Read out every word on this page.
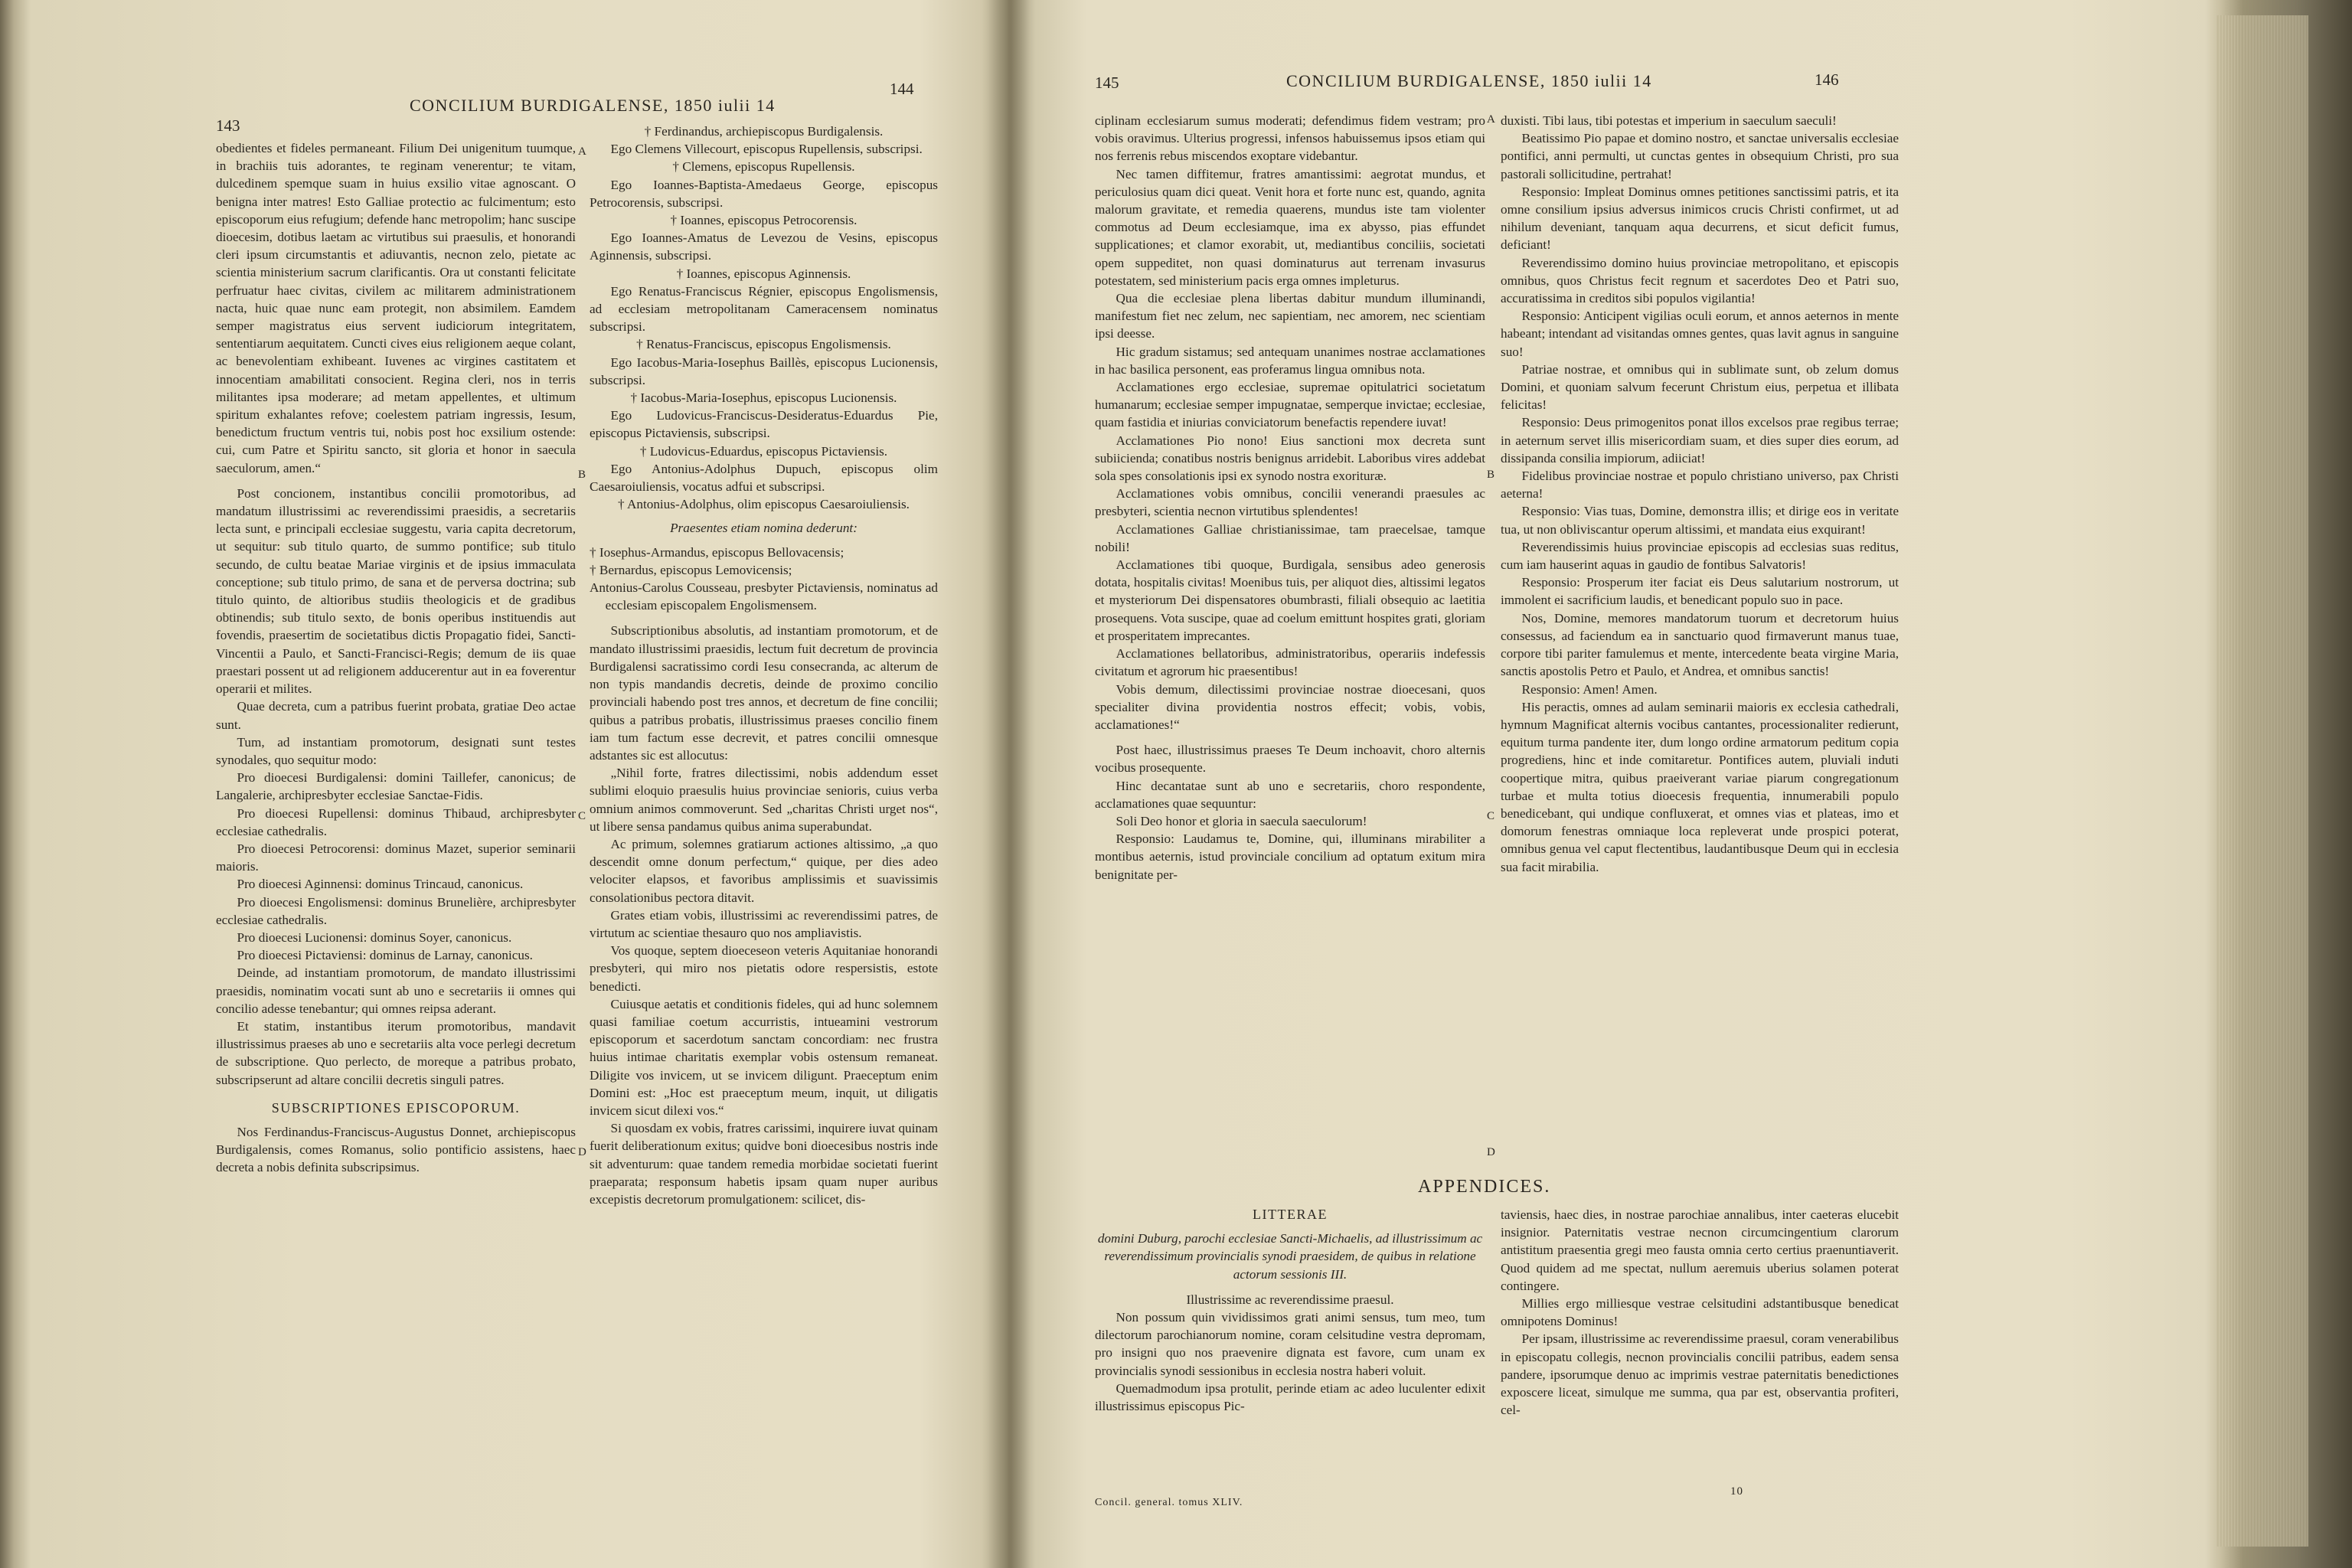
143
CONCILIUM BURDIGALENSE, 1850 iulii 14
144

obedientes et fideles permaneant. Filium Dei unigenitum tuumque, in brachiis tuis adorantes, te reginam venerentur; te vitam, dulcedinem spemque suam in huius exsilio vitae agnoscant. O benigna inter matres! Esto Galliae protectio ac fulcimentum; esto episcoporum eius refugium; defende hanc metropolim; hanc suscipe dioecesim, dotibus laetam ac virtutibus sui praesulis, et honorandi cleri ipsum circumstantis et adiuvantis, necnon zelo, pietate ac scientia ministerium sacrum clarificantis. Ora ut constanti felicitate perfruatur haec civitas, civilem ac militarem administrationem nacta, huic quae nunc eam protegit, non absimilem. Eamdem semper magistratus eius servent iudiciorum integritatem, sententiarum aequitatem. Cuncti cives eius religionem aeque colant, ac benevolentiam exhibeant. Iuvenes ac virgines castitatem et innocentiam amabilitati consocient. Regina cleri, nos in terris militantes ipsa moderare; ad metam appellentes, et ultimum spiritum exhalantes refove; coelestem patriam ingressis, Iesum, benedictum fructum ventris tui, nobis post hoc exsilium ostende: cui, cum Patre et Spiritu sancto, sit gloria et honor in saecula saeculorum, amen.“

Post concionem, instantibus concilii promotoribus, ad mandatum illustrissimi ac reverendissimi praesidis, a secretariis lecta sunt, e principali ecclesiae suggestu, varia capita decretorum, ut sequitur: sub titulo quarto, de summo pontifice; sub titulo secundo, de cultu beatae Mariae virginis et de ipsius immaculata conceptione; sub titulo primo, de sana et de perversa doctrina; sub titulo quinto, de altioribus studiis theologicis et de gradibus obtinendis; sub titulo sexto, de bonis operibus instituendis aut fovendis, praesertim de societatibus dictis Propagatio fidei, Sancti-Vincentii a Paulo, et Sancti-Francisci-Regis; demum de iis quae praestari possent ut ad religionem adducerentur aut in ea foverentur operarii et milites.

Quae decreta, cum a patribus fuerint probata, gratiae Deo actae sunt.

Tum, ad instantiam promotorum, designati sunt testes synodales, quo sequitur modo:

Pro dioecesi Burdigalensi: domini Taillefer, canonicus; de Langalerie, archipresbyter ecclesiae Sanctae-Fidis.

Pro dioecesi Rupellensi: dominus Thibaud, archipresbyter ecclesiae cathedralis.

Pro dioecesi Petrocorensi: dominus Mazet, superior seminarii maioris.

Pro dioecesi Aginnensi: dominus Trincaud, canonicus.

Pro dioecesi Engolismensi: dominus Brunelière, archipresbyter ecclesiae cathedralis.

Pro dioecesi Lucionensi: dominus Soyer, canonicus.

Pro dioecesi Pictaviensi: dominus de Larnay, canonicus.

Deinde, ad instantiam promotorum, de mandato illustrissimi praesidis, nominatim vocati sunt ab uno e secretariis ii omnes qui concilio adesse tenebantur; qui omnes reipsa aderant.

Et statim, instantibus iterum promotoribus, mandavit illustrissimus praeses ab uno e secretariis alta voce perlegi decretum de subscriptione. Quo perlecto, de moreque a patribus probato, subscripserunt ad altare concilii decretis singuli patres.

SUBSCRIPTIONES EPISCOPORUM.

Nos Ferdinandus-Franciscus-Augustus Donnet, archiepiscopus Burdigalensis, comes Romanus, solio pontificio assistens, haec decreta a nobis definita subscripsimus.

† Ferdinandus, archiepiscopus Burdigalensis.

Ego Clemens Villecourt, episcopus Rupellensis, subscripsi.

† Clemens, episcopus Rupellensis.

Ego Ioannes-Baptista-Amedaeus George, episcopus Petrocorensis, subscripsi.

† Ioannes, episcopus Petrocorensis.

Ego Ioannes-Amatus de Levezou de Vesins, episcopus Aginnensis, subscripsi.

† Ioannes, episcopus Aginnensis.

Ego Renatus-Franciscus Régnier, episcopus Engolismensis, ad ecclesiam metropolitanam Cameracensem nominatus subscripsi.

† Renatus-Franciscus, episcopus Engolismensis.

Ego Iacobus-Maria-Iosephus Baillès, episcopus Lucionensis, subscripsi.

† Iacobus-Maria-Iosephus, episcopus Lucionensis.

Ego Ludovicus-Franciscus-Desideratus-Eduardus Pie, episcopus Pictaviensis, subscripsi.

† Ludovicus-Eduardus, episcopus Pictaviensis.

Ego Antonius-Adolphus Dupuch, episcopus olim Caesaroiuliensis, vocatus adfui et subscripsi.

† Antonius-Adolphus, olim episcopus Caesaroiuliensis.

Praesentes etiam nomina dederunt:

† Iosephus-Armandus, episcopus Bellovacensis;

† Bernardus, episcopus Lemovicensis;

Antonius-Carolus Cousseau, presbyter Pictaviensis, nominatus ad ecclesiam episcopalem Engolismensem.

Subscriptionibus absolutis, ad instantiam promotorum, et de mandato illustrissimi praesidis, lectum fuit decretum de provincia Burdigalensi sacratissimo cordi Iesu consecranda, ac alterum de non typis mandandis decretis, deinde de proximo concilio provinciali habendo post tres annos, et decretum de fine concilii; quibus a patribus probatis, illustrissimus praeses concilio finem iam tum factum esse decrevit, et patres concilii omnesque adstantes sic est allocutus:

„Nihil forte, fratres dilectissimi, nobis addendum esset sublimi eloquio praesulis huius provinciae senioris, cuius verba omnium animos commoverunt. Sed „charitas Christi urget nos“, ut libere sensa pandamus quibus anima superabundat.

Ac primum, solemnes gratiarum actiones altissimo, „a quo descendit omne donum perfectum,“ quique, per dies adeo velociter elapsos, et favoribus amplissimis et suavissimis consolationibus pectora ditavit.

Grates etiam vobis, illustrissimi ac reverendissimi patres, de virtutum ac scientiae thesauro quo nos ampliavistis.

Vos quoque, septem dioeceseon veteris Aquitaniae honorandi presbyteri, qui miro nos pietatis odore respersistis, estote benedicti.

Cuiusque aetatis et conditionis fideles, qui ad hunc solemnem quasi familiae coetum accurristis, intueamini vestrorum episcoporum et sacerdotum sanctam concordiam: nec frustra huius intimae charitatis exemplar vobis ostensum remaneat. Diligite vos invicem, ut se invicem diligunt. Praeceptum enim Domini est: „Hoc est praeceptum meum, inquit, ut diligatis invicem sicut dilexi vos.“

Si quosdam ex vobis, fratres carissimi, inquirere iuvat quinam fuerit deliberationum exitus; quidve boni dioecesibus nostris inde sit adventurum: quae tandem remedia morbidae societati fuerint praeparata; responsum habetis ipsam quam nuper auribus excepistis decretorum promulgationem: scilicet, dis-

A
B
C
D
145	CONCILIUM BURDIGALENSE, 1850 iulii 14	146

ciplinam ecclesiarum sumus moderati; defendimus fidem vestram; pro vobis oravimus. Ulterius progressi, infensos habuissemus ipsos etiam qui nos ferrenis rebus miscendos exoptare videbantur.

Nec tamen diffitemur, fratres amantissimi: aegrotat mundus, et periculosius quam dici queat. Venit hora et forte nunc est, quando, agnita malorum gravitate, et remedia quaerens, mundus iste tam violenter commotus ad Deum ecclesiamque, ima ex abysso, pias effundet supplicationes; et clamor exorabit, ut, mediantibus conciliis, societati opem suppeditet, non quasi dominaturus aut terrenam invasurus potestatem, sed ministerium pacis erga omnes impleturus.

Qua die ecclesiae plena libertas dabitur mundum illuminandi, manifestum fiet nec zelum, nec sapientiam, nec amorem, nec scientiam ipsi deesse.

Hic gradum sistamus; sed antequam unanimes nostrae acclamationes in hac basilica personent, eas proferamus lingua omnibus nota.

Acclamationes ergo ecclesiae, supremae opitulatrici societatum humanarum; ecclesiae semper impugnatae, semperque invictae; ecclesiae, quam fastidia et iniurias conviciatorum benefactis rependere iuvat!

Acclamationes Pio nono! Eius sanctioni mox decreta sunt subiicienda; conatibus nostris benignus arridebit. Laboribus vires addebat sola spes consolationis ipsi ex synodo nostra exorituræ.

Acclamationes vobis omnibus, concilii venerandi praesules ac presbyteri, scientia necnon virtutibus splendentes!

Acclamationes Galliae christianissimae, tam praecelsae, tamque nobili!

Acclamationes tibi quoque, Burdigala, sensibus adeo generosis dotata, hospitalis civitas! Moenibus tuis, per aliquot dies, altissimi legatos et mysteriorum Dei dispensatores obumbrasti, filiali obsequio ac laetitia prosequens. Vota suscipe, quae ad coelum emittunt hospites grati, gloriam et prosperitatem imprecantes.

Acclamationes bellatoribus, administratoribus, operariis indefessis civitatum et agrorum hic praesentibus!

Vobis demum, dilectissimi provinciae nostrae dioecesani, quos specialiter divina providentia nostros effecit; vobis, vobis, acclamationes!“

Post haec, illustrissimus praeses Te Deum inchoavit, choro alternis vocibus prosequente.

Hinc decantatae sunt ab uno e secretariis, choro respondente, acclamationes quae sequuntur:

Soli Deo honor et gloria in saecula saeculorum!

Responsio: Laudamus te, Domine, qui, illuminans mirabiliter a montibus aeternis, istud provinciale concilium ad optatum exitum mira benignitate per-

duxisti. Tibi laus, tibi potestas et imperium in saeculum saeculi!

Beatissimo Pio papae et domino nostro, et sanctae universalis ecclesiae pontifici, anni permulti, ut cunctas gentes in obsequium Christi, pro sua pastorali sollicitudine, pertrahat!

Responsio: Impleat Dominus omnes petitiones sanctissimi patris, et ita omne consilium ipsius adversus inimicos crucis Christi confirmet, ut ad nihilum deveniant, tanquam aqua decurrens, et sicut deficit fumus, deficiant!

Reverendissimo domino huius provinciae metropolitano, et episcopis omnibus, quos Christus fecit regnum et sacerdotes Deo et Patri suo, accuratissima in creditos sibi populos vigilantia!

Responsio: Anticipent vigilias oculi eorum, et annos aeternos in mente habeant; intendant ad visitandas omnes gentes, quas lavit agnus in sanguine suo!

Patriae nostrae, et omnibus qui in sublimate sunt, ob zelum domus Domini, et quoniam salvum fecerunt Christum eius, perpetua et illibata felicitas!

Responsio: Deus primogenitos ponat illos excelsos prae regibus terrae; in aeternum servet illis misericordiam suam, et dies super dies eorum, ad dissipanda consilia impiorum, adiiciat!

Fidelibus provinciae nostrae et populo christiano universo, pax Christi aeterna!

Responsio: Vias tuas, Domine, demonstra illis; et dirige eos in veritate tua, ut non obliviscantur operum altissimi, et mandata eius exquirant!

Reverendissimis huius provinciae episcopis ad ecclesias suas reditus, cum iam hauserint aquas in gaudio de fontibus Salvatoris!

Responsio: Prosperum iter faciat eis Deus salutarium nostrorum, ut immolent ei sacrificium laudis, et benedicant populo suo in pace.

Nos, Domine, memores mandatorum tuorum et decretorum huius consessus, ad faciendum ea in sanctuario quod firmaverunt manus tuae, corpore tibi pariter famulemus et mente, intercedente beata virgine Maria, sanctis apostolis Petro et Paulo, et Andrea, et omnibus sanctis!

Responsio: Amen! Amen.

His peractis, omnes ad aulam seminarii maioris ex ecclesia cathedrali, hymnum Magnificat alternis vocibus cantantes, processionaliter redierunt, equitum turma pandente iter, dum longo ordine armatorum peditum copia progrediens, hinc et inde comitaretur. Pontifices autem, pluviali induti coopertique mitra, quibus praeiverant variae piarum congregationum turbae et multa totius dioecesis frequentia, innumerabili populo benedicebant, qui undique confluxerat, et omnes vias et plateas, imo et domorum fenestras omniaque loca repleverat unde prospici poterat, omnibus genua vel caput flectentibus, laudantibusque Deum qui in ecclesia sua facit mirabilia.

A
B
C
D
LITTERAE

domini Duburg, parochi ecclesiae Sancti-Michaelis, ad illustrissimum ac reverendissimum provincialis synodi praesidem, de quibus in relatione actorum sessionis III.

Illustrissime ac reverendissime praesul.

Non possum quin vividissimos grati animi sensus, tum meo, tum dilectorum parochianorum nomine, coram celsitudine vestra depromam, pro insigni quo nos praevenire dignata est favore, cum unam ex provincialis synodi sessionibus in ecclesia nostra haberi voluit.

Quemadmodum ipsa protulit, perinde etiam ac adeo luculenter edixit illustrissimus episcopus Pic-

taviensis, haec dies, in nostrae parochiae annalibus, inter caeteras elucebit insignior. Paternitatis vestrae necnon circumcingentium clarorum antistitum praesentia gregi meo fausta omnia certo certius praenuntiaverit. Quod quidem ad me spectat, nullum aeremuis uberius solamen poterat contingere.

Millies ergo milliesque vestrae celsitudini adstantibusque benedicat omnipotens Dominus!

Per ipsam, illustrissime ac reverendissime praesul, coram venerabilibus in episcopatu collegis, necnon provincialis concilii patribus, eadem sensa pandere, ipsorumque denuo ac imprimis vestrae paternitatis benedictiones exposcere liceat, simulque me summa, qua par est, observantia profiteri, cel-

Concil. general. tomus XLIV.
10
APPENDICES.
